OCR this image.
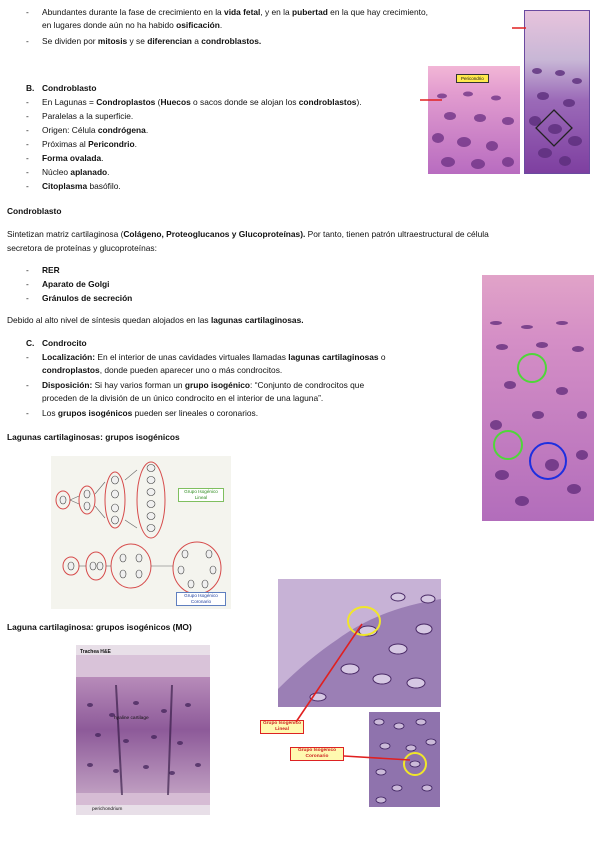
- Abundantes durante la fase de crecimiento en la vida fetal, y en la pubertad en la que hay crecimiento,
en lugares donde aún no ha habido osificación.
- Se dividen por mitosis y se diferencian a condroblastos.
B. Condroblasto
- En Lagunas = Condroplastos (Huecos o sacos donde se alojan los condroblastos).
- Paralelas a la superficie.
- Origen: Célula condrógena.
- Próximas al Pericondrio.
- Forma ovalada.
- Núcleo aplanado.
- Citoplasma basófilo.
Pericondrio
Condroblasto
Sintetizan matriz cartilaginosa (Colágeno, Proteoglucanos y Glucoproteínas). Por tanto, tienen patrón ultraestructural de célula
secretora de proteínas y glucoproteínas:
- RER
- Aparato de Golgi
- Gránulos de secreción
Debido al alto nivel de síntesis quedan alojados en las lagunas cartilaginosas.
C. Condrocito
- Localización: En el interior de unas cavidades virtuales llamadas lagunas cartilaginosas o
condroplastos, donde pueden aparecer uno o más condrocitos.
- Disposición: Si hay varios forman un grupo isogénico: “Conjunto de condrocitos que
proceden de la división de un único condrocito en el interior de una laguna”.
- Los grupos isogénicos pueden ser lineales o coronarios.
Lagunas cartilaginosas: grupos isogénicos
Grupo Isogénico Lineal
Grupo Isogénico Coronario
Laguna cartilaginosa: grupos isogénicos (MO)
Trachea H&E
hyaline cartilage
perichondrium
Grupo Isogénico Lineal
Grupo Isogénico Coronario
